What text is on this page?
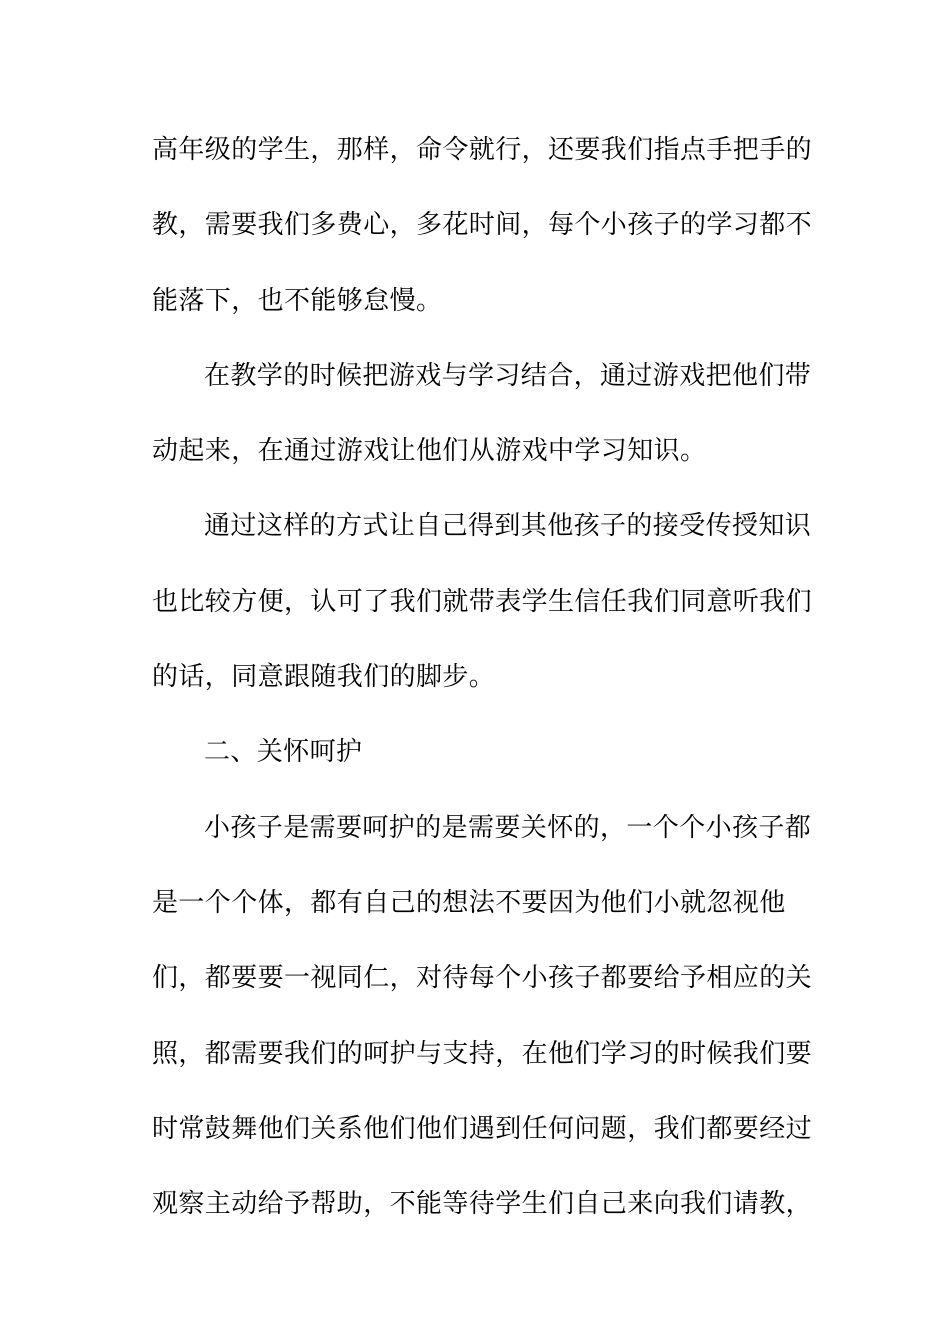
高年级的学生，那样，命令就行，还要我们指点手把手的
教，需要我们多费心，多花时间，每个小孩子的学习都不
能落下，也不能够怠慢。
在教学的时候把游戏与学习结合，通过游戏把他们带
动起来，在通过游戏让他们从游戏中学习知识。
通过这样的方式让自己得到其他孩子的接受传授知识
也比较方便，认可了我们就带表学生信任我们同意听我们
的话，同意跟随我们的脚步。
二、关怀呵护
小孩子是需要呵护的是需要关怀的，一个个小孩子都
是一个个体，都有自己的想法不要因为他们小就忽视他
们，都要要一视同仁，对待每个小孩子都要给予相应的关
照，都需要我们的呵护与支持，在他们学习的时候我们要
时常鼓舞他们关系他们他们遇到任何问题，我们都要经过
观察主动给予帮助，不能等待学生们自己来向我们请教，
